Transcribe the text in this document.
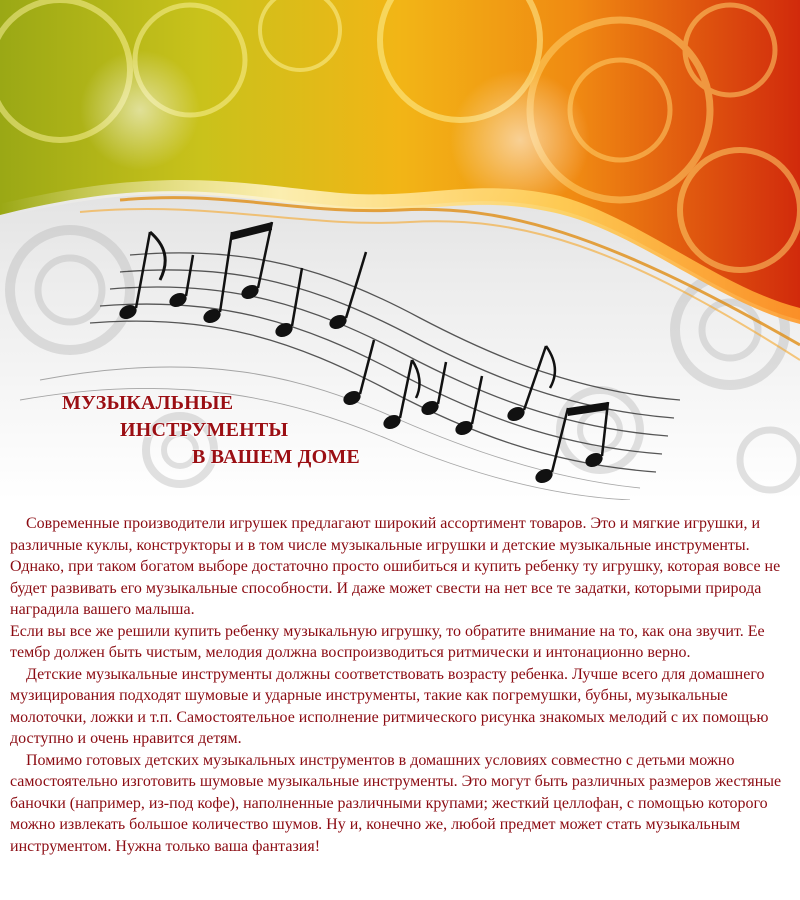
МУЗЫКАЛЬНЫЕ
ИНСТРУМЕНТЫ
В ВАШЕМ ДОМЕ

Современные производители игрушек предлагают широкий ассортимент товаров. Это и мягкие игрушки, и различные куклы, конструкторы и в том числе музыкальные игрушки и детские музыкальные инструменты. Однако, при таком богатом выборе достаточно просто ошибиться и купить ребенку ту игрушку, которая вовсе не будет развивать его музыкальные способности. И даже может свести на нет все те задатки, которыми природа наградила вашего малыша.

Если вы все же решили купить ребенку музыкальную игрушку, то обратите внимание на то, как она звучит. Ее тембр должен быть чистым, мелодия должна воспроизводиться ритмически и интонационно верно.

Детские музыкальные инструменты должны соответствовать возрасту ребенка. Лучше всего для домашнего музицирования подходят шумовые и ударные инструменты, такие как погремушки, бубны, музыкальные молоточки, ложки и т.п. Самостоятельное исполнение ритмического рисунка знакомых мелодий с их помощью доступно и очень нравится детям.

Помимо готовых детских музыкальных инструментов в домашних условиях совместно с детьми можно самостоятельно изготовить шумовые музыкальные инструменты. Это могут быть различных размеров жестяные баночки (например, из-под кофе), наполненные различными крупами; жесткий целлофан, с помощью которого можно извлекать большое количество шумов. Ну и, конечно же, любой предмет может стать музыкальным инструментом. Нужна только ваша фантазия!
